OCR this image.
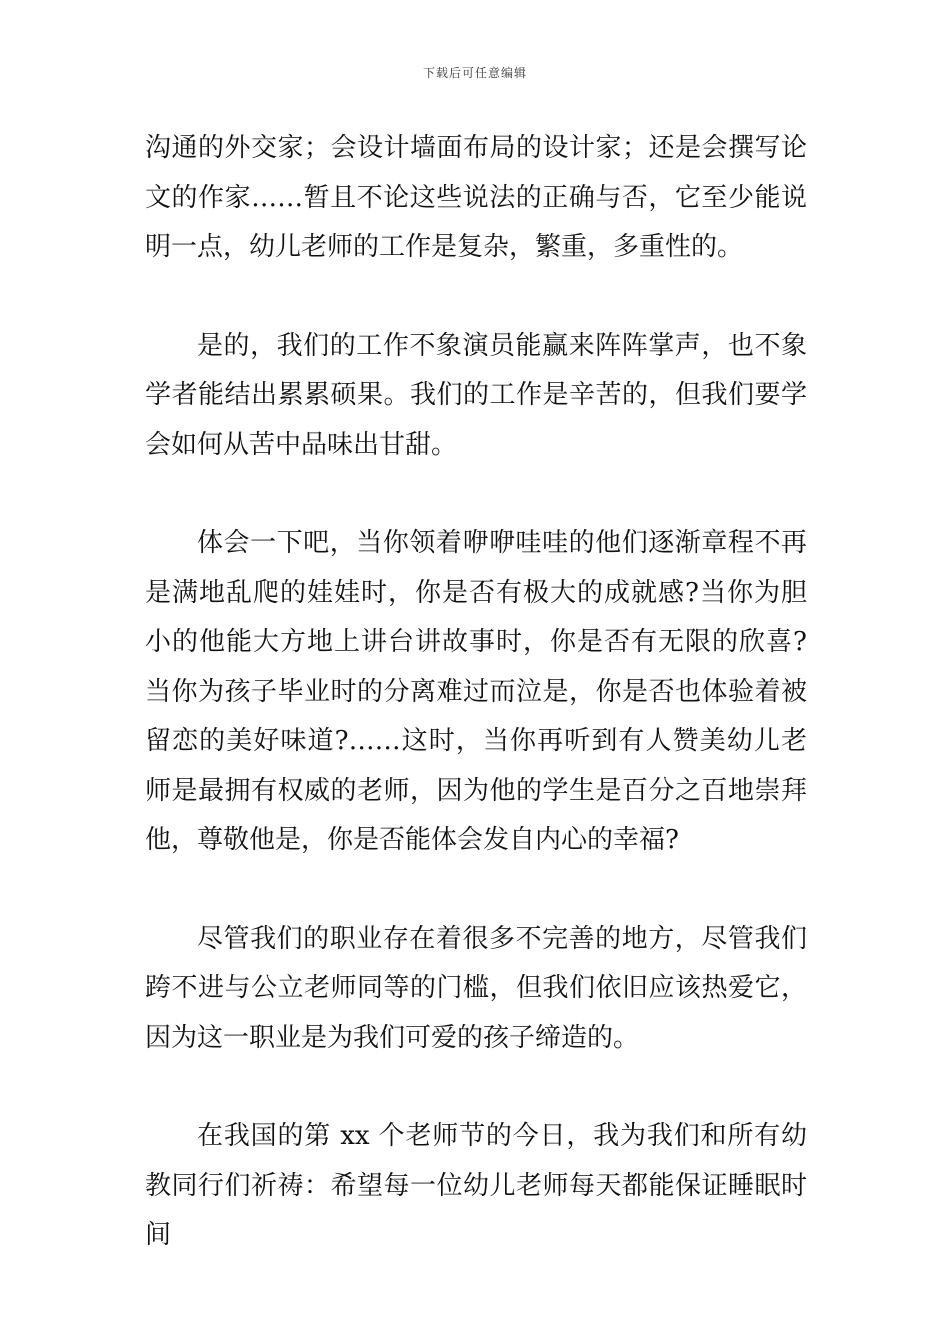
下载后可任意编辑

沟通的外交家；会设计墙面布局的设计家；还是会撰写论文的作家……暂且不论这些说法的正确与否，它至少能说明一点，幼儿老师的工作是复杂，繁重，多重性的。

是的，我们的工作不象演员能赢来阵阵掌声，也不象学者能结出累累硕果。我们的工作是辛苦的，但我们要学会如何从苦中品味出甘甜。

体会一下吧，当你领着咿咿哇哇的他们逐渐章程不再是满地乱爬的娃娃时，你是否有极大的成就感?当你为胆小的他能大方地上讲台讲故事时，你是否有无限的欣喜?当你为孩子毕业时的分离难过而泣是，你是否也体验着被留恋的美好味道?……这时，当你再听到有人赞美幼儿老师是最拥有权威的老师，因为他的学生是百分之百地崇拜他，尊敬他是，你是否能体会发自内心的幸福?

尽管我们的职业存在着很多不完善的地方，尽管我们跨不进与公立老师同等的门槛，但我们依旧应该热爱它，因为这一职业是为我们可爱的孩子缔造的。

在我国的第 xx 个老师节的今日，我为我们和所有幼教同行们祈祷：希望每一位幼儿老师每天都能保证睡眠时间
